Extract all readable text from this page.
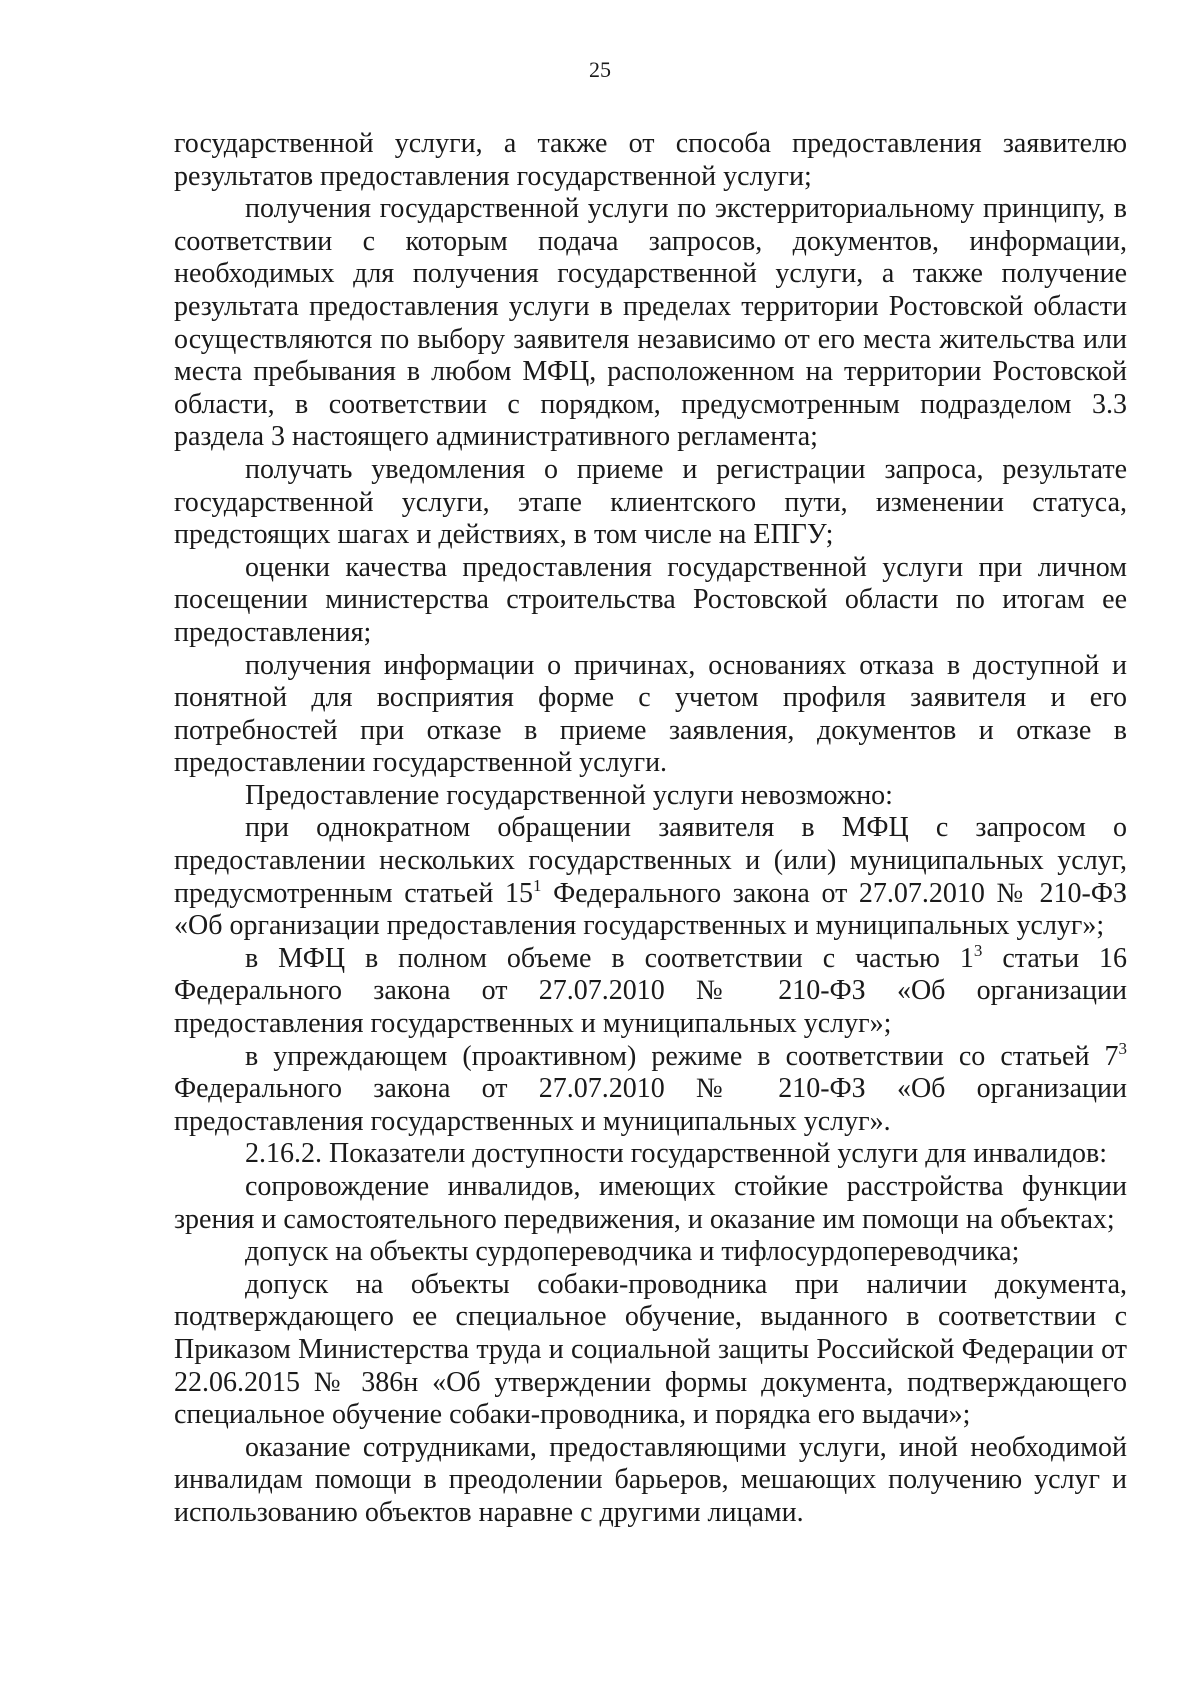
25

государственной услуги, а также от способа предоставления заявителю результатов предоставления государственной услуги;

получения государственной услуги по экстерриториальному принципу, в соответствии с которым подача запросов, документов, информации, необходимых для получения государственной услуги, а также получение результата предоставления услуги в пределах территории Ростовской области осуществляются по выбору заявителя независимо от его места жительства или места пребывания в любом МФЦ, расположенном на территории Ростовской области, в соответствии с порядком, предусмотренным подразделом 3.3 раздела 3 настоящего административного регламента;

получать уведомления о приеме и регистрации запроса, результате государственной услуги, этапе клиентского пути, изменении статуса, предстоящих шагах и действиях, в том числе на ЕПГУ;

оценки качества предоставления государственной услуги при личном посещении министерства строительства Ростовской области по итогам ее предоставления;

получения информации о причинах, основаниях отказа в доступной и понятной для восприятия форме с учетом профиля заявителя и его потребностей при отказе в приеме заявления, документов и отказе в предоставлении государственной услуги.

Предоставление государственной услуги невозможно:

при однократном обращении заявителя в МФЦ с запросом о предоставлении нескольких государственных и (или) муниципальных услуг, предусмотренным статьей $15^1$ Федерального закона от 27.07.2010 № 210-ФЗ «Об организации предоставления государственных и муниципальных услуг»;

в МФЦ в полном объеме в соответствии с частью $1^3$ статьи 16 Федерального закона от 27.07.2010 № 210-ФЗ «Об организации предоставления государственных и муниципальных услуг»;

в упреждающем (проактивном) режиме в соответствии со статьей $7^3$ Федерального закона от 27.07.2010 № 210-ФЗ «Об организации предоставления государственных и муниципальных услуг».

2.16.2. Показатели доступности государственной услуги для инвалидов:

сопровождение инвалидов, имеющих стойкие расстройства функции зрения и самостоятельного передвижения, и оказание им помощи на объектах;

допуск на объекты сурдопереводчика и тифлосурдопереводчика;

допуск на объекты собаки-проводника при наличии документа, подтверждающего ее специальное обучение, выданного в соответствии с Приказом Министерства труда и социальной защиты Российской Федерации от 22.06.2015 № 386н «Об утверждении формы документа, подтверждающего специальное обучение собаки-проводника, и порядка его выдачи»;

оказание сотрудниками, предоставляющими услуги, иной необходимой инвалидам помощи в преодолении барьеров, мешающих получению услуг и использованию объектов наравне с другими лицами.
